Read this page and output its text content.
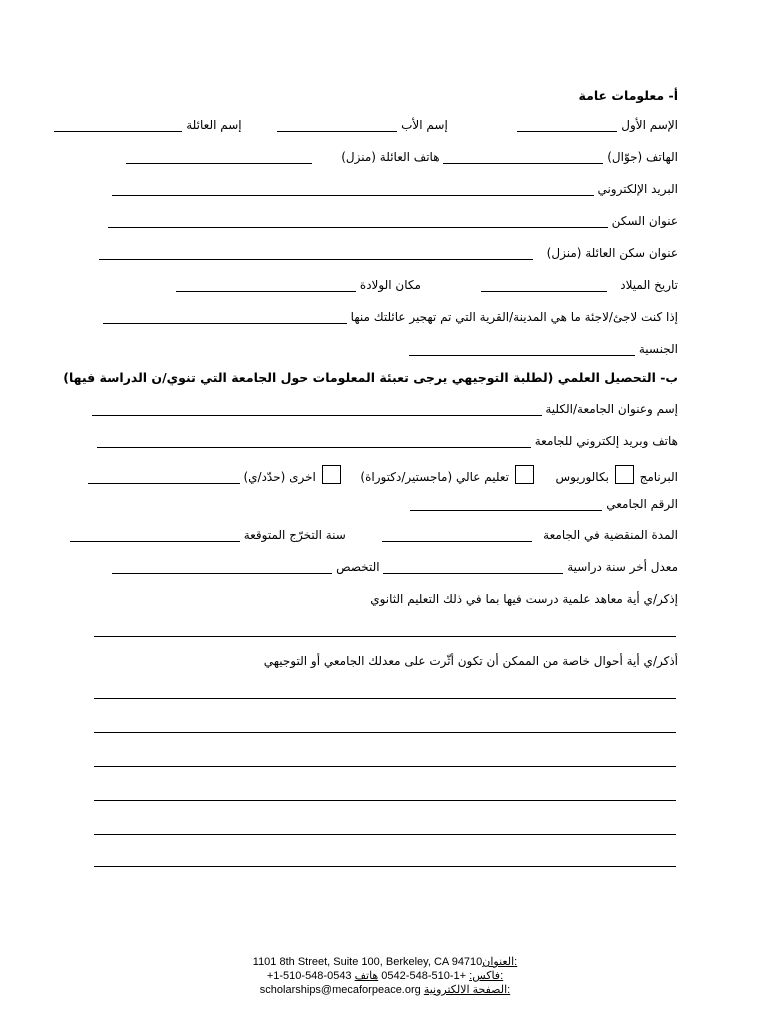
أ- معلومات عامة
الإسم الأول   إسم الأب   إسم العائلة
الهاتف (جوّال)  هاتف العائلة (منزل)
البريد الإلكتروني
عنوان السكن
عنوان سكن العائلة (منزل)
تاريخ الميلاد    مكان الولادة
إذا كنت لاجئ/لاجئة ما هي المدينة/القرية التي تم تهجير عائلتك منها
الجنسية
ب- التحصيل العلمي (لطلبة التوجيهي يرجى تعبئة المعلومات حول الجامعة التي تنوي/ن الدراسة فيها)
إسم وعنوان الجامعة/الكلية
هاتف وبريد إلكتروني للجامعة
البرنامج  بكالوريوس   تعليم عالي (ماجستير/دكتوراة)   اخرى (حدّد/ي)
الرقم الجامعي
المدة المنقضية في الجامعة    سنة التخرّج المتوقعة
معدل أخر سنة دراسية  التخصص
إذكر/ي أية معاهد علمية درست فيها بما في ذلك التعليم الثانوي
أذكر/ي أية أحوال خاصة من الممكن أن تكون أثّرت على معدلك الجامعي أو التوجيهي
1101 8th Street, Suite 100, Berkeley, CA 94710العنوان:
+1-510-548-0543	فاكس: +1-510-548-0542 هاتف:
scholarships@mecaforpeace.org الصفحة الالكترونية:
